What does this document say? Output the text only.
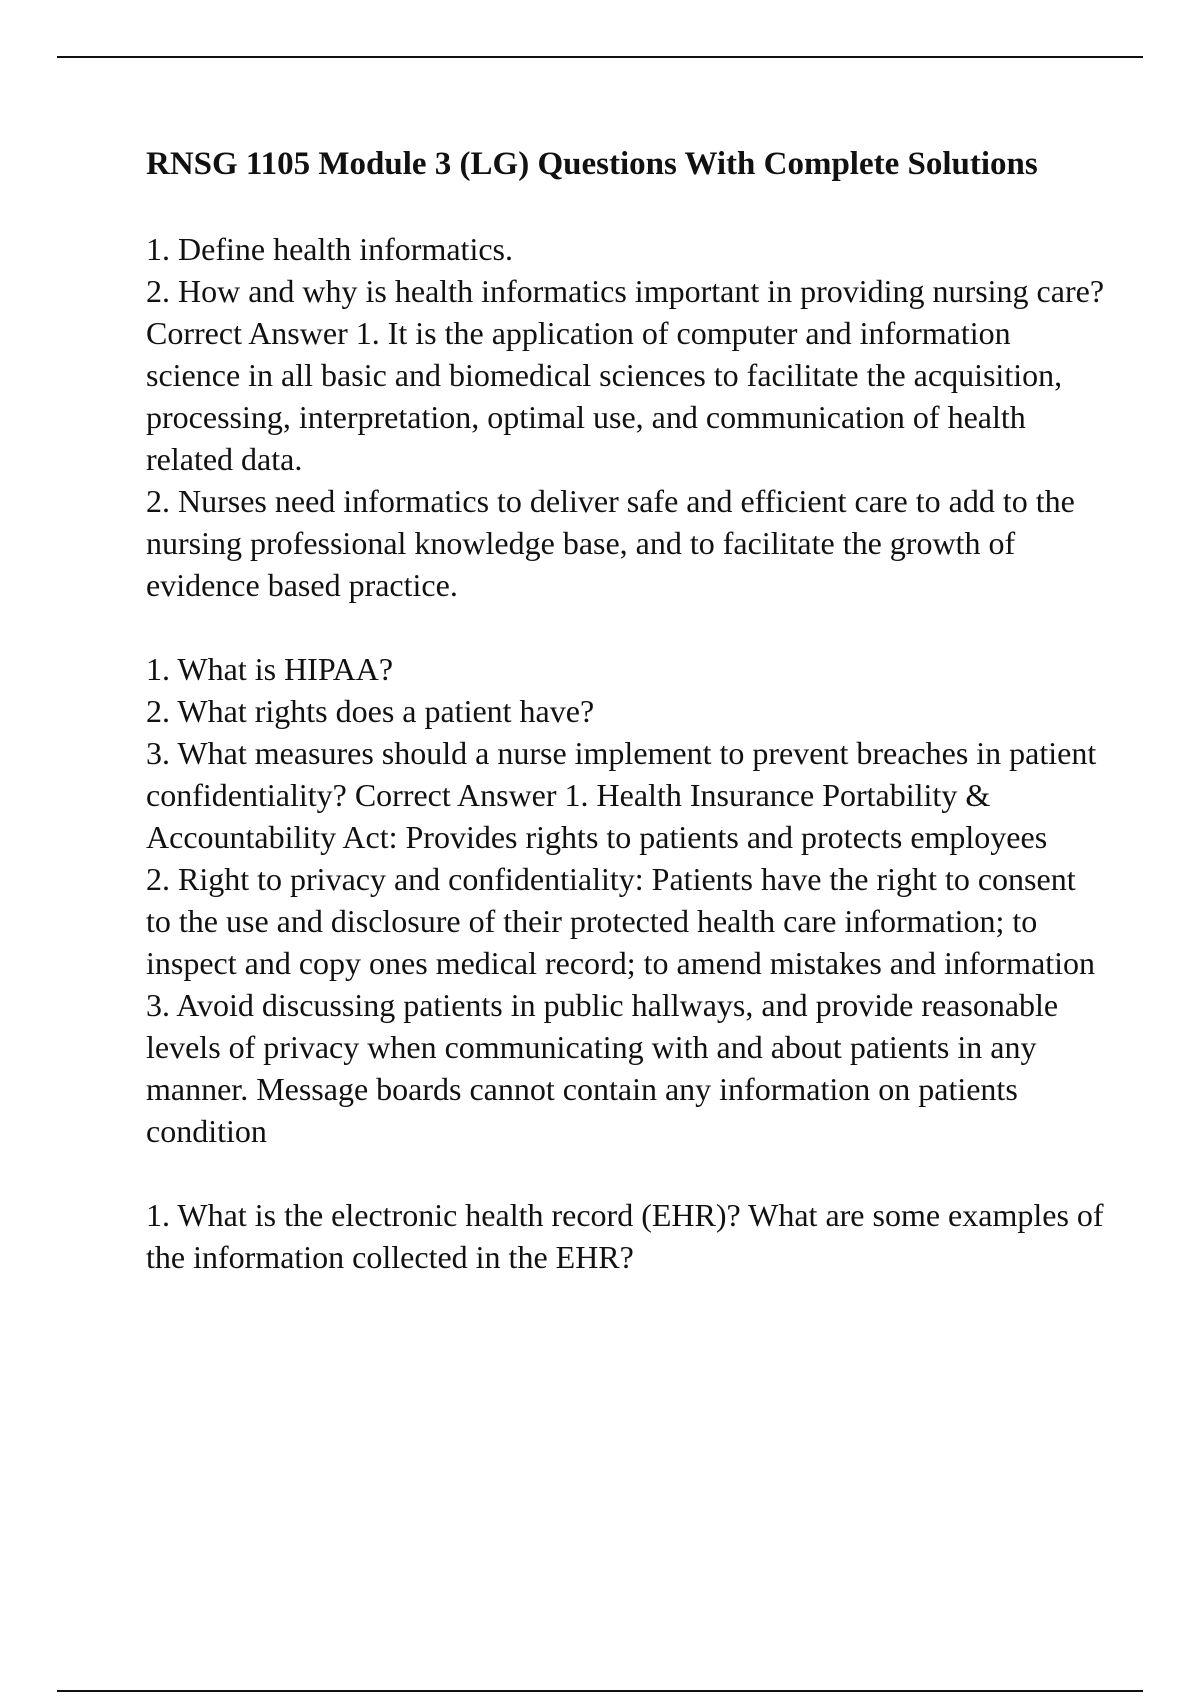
RNSG 1105 Module 3 (LG) Questions With Complete Solutions

1. Define health informatics.

2. How and why is health informatics important in providing nursing care? Correct Answer 1. It is the application of computer and information science in all basic and biomedical sciences to facilitate the acquisition, processing, interpretation, optimal use, and communication of health related data.

2. Nurses need informatics to deliver safe and efficient care to add to the nursing professional knowledge base, and to facilitate the growth of evidence based practice.

1. What is HIPAA?

2. What rights does a patient have?

3. What measures should a nurse implement to prevent breaches in patient confidentiality? Correct Answer 1. Health Insurance Portability & Accountability Act: Provides rights to patients and protects employees

2. Right to privacy and confidentiality: Patients have the right to consent to the use and disclosure of their protected health care information; to inspect and copy ones medical record; to amend mistakes and information

3. Avoid discussing patients in public hallways, and provide reasonable levels of privacy when communicating with and about patients in any manner. Message boards cannot contain any information on patients condition

1. What is the electronic health record (EHR)? What are some examples of the information collected in the EHR?
